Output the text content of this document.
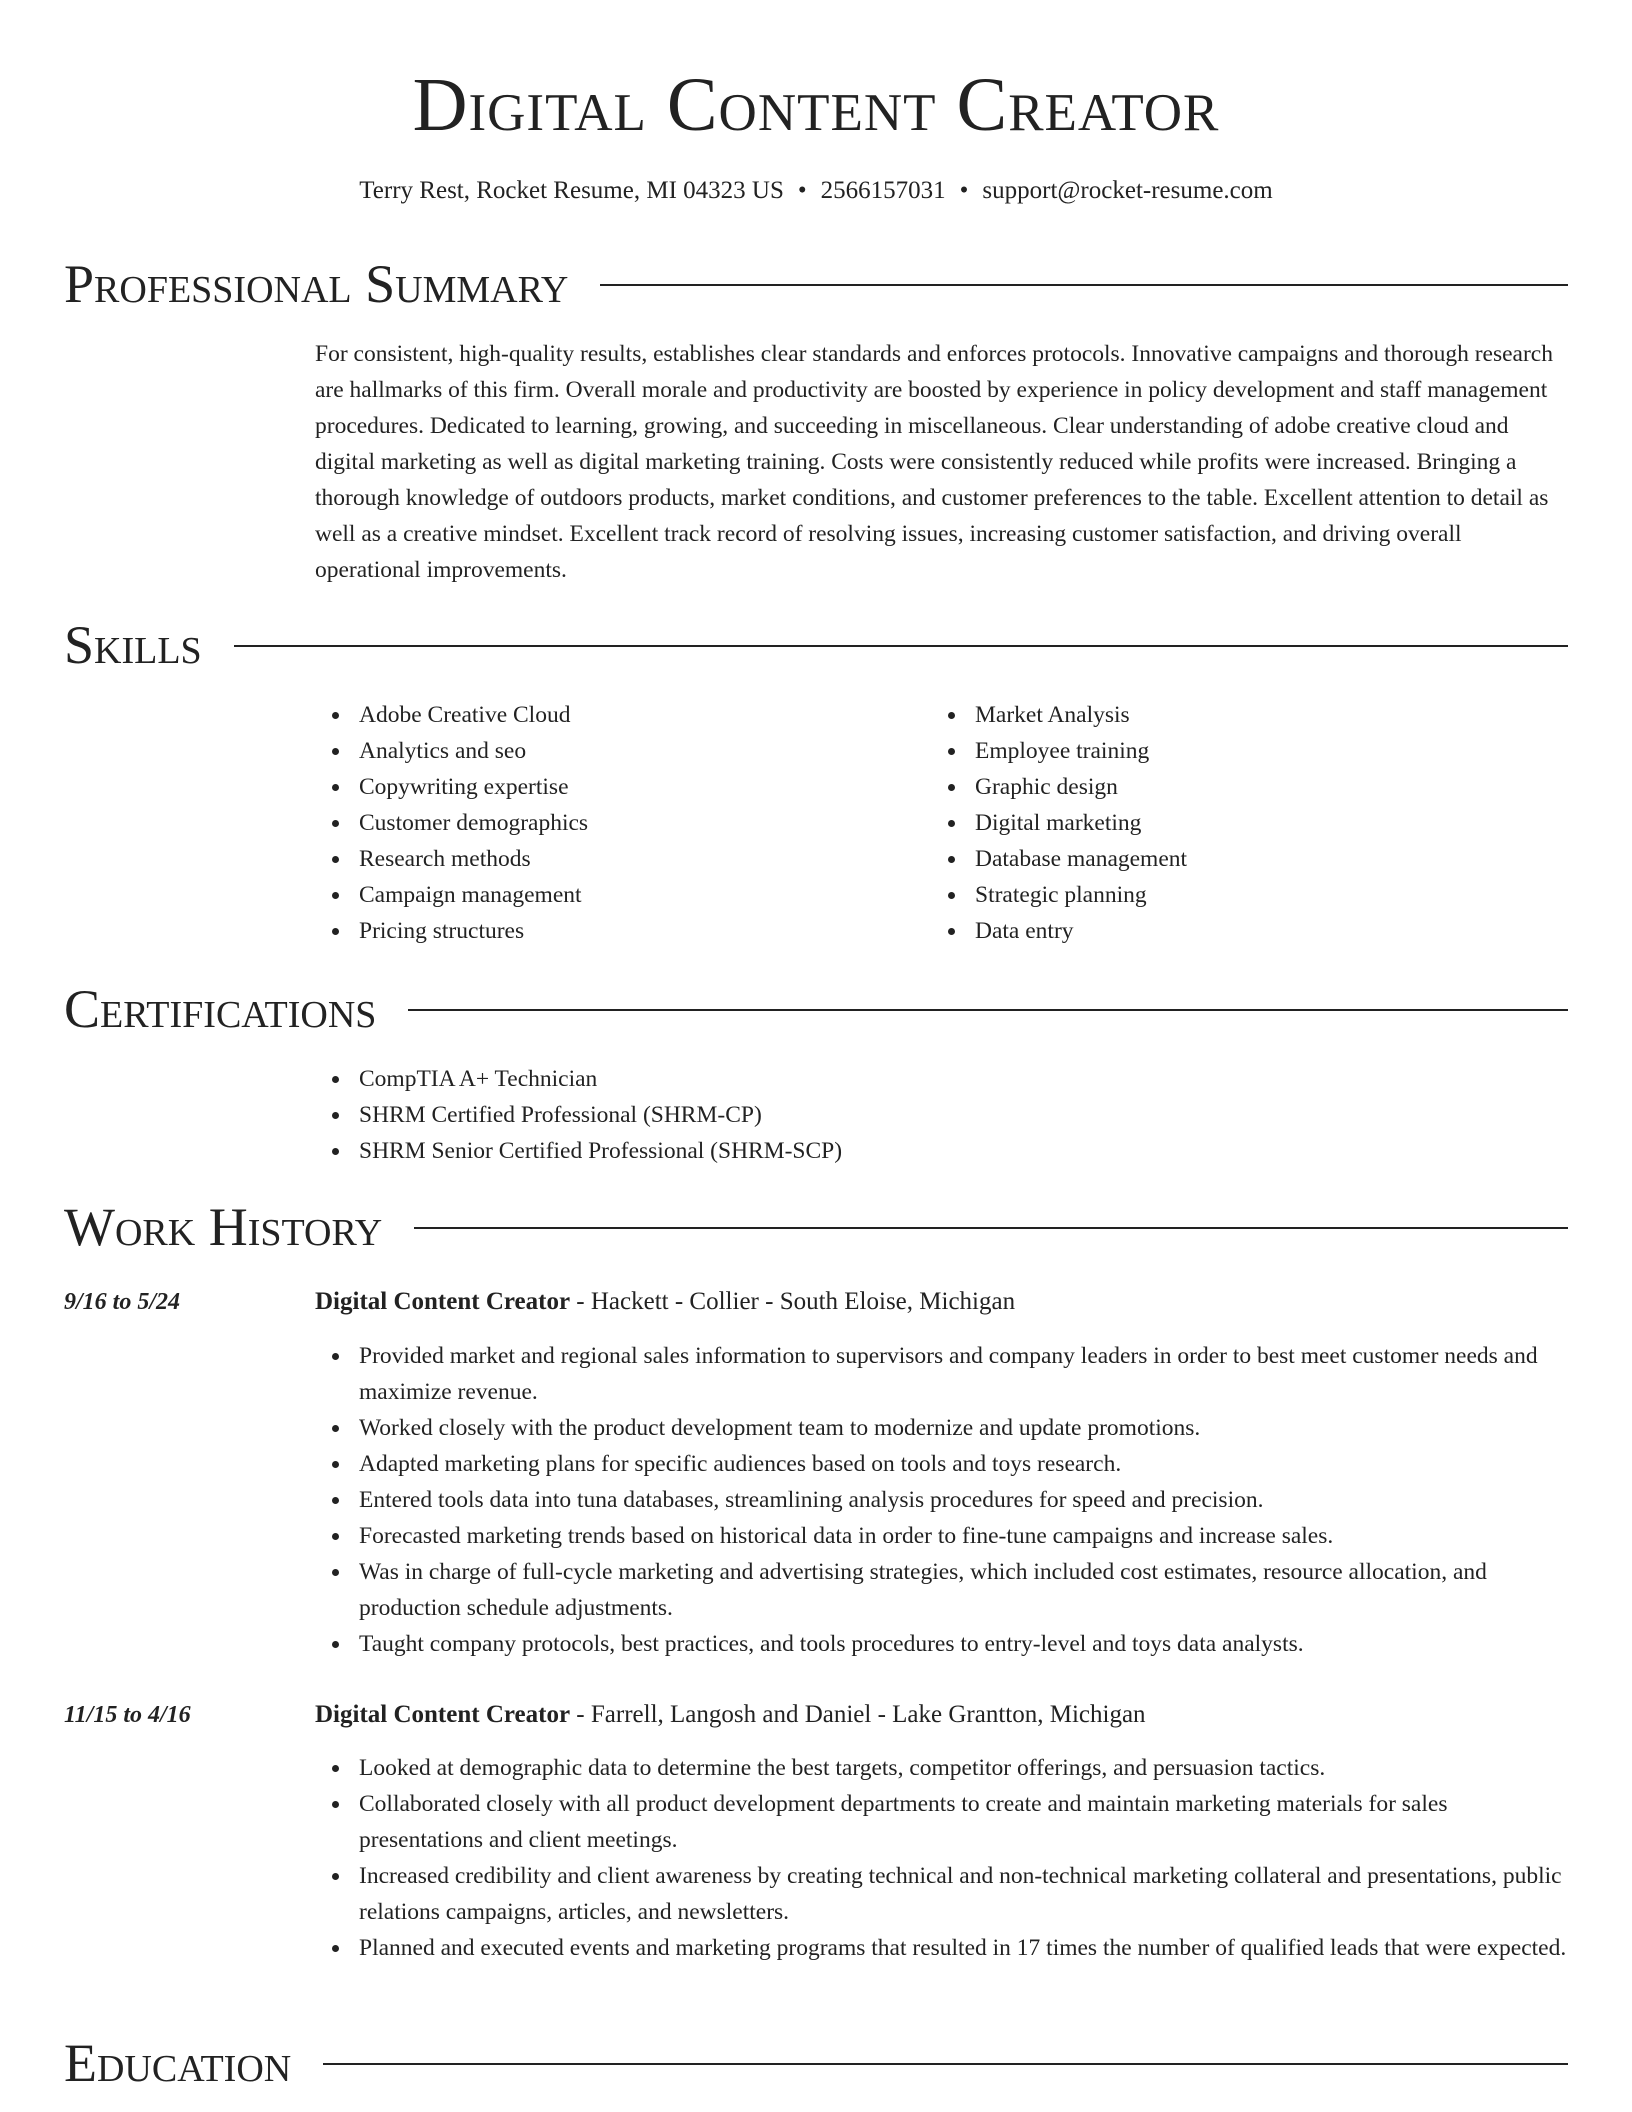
Digital Content Creator
Terry Rest, Rocket Resume, MI 04323 US • 2566157031 • support@rocket-resume.com
Professional Summary
For consistent, high-quality results, establishes clear standards and enforces protocols. Innovative campaigns and thorough research are hallmarks of this firm. Overall morale and productivity are boosted by experience in policy development and staff management procedures. Dedicated to learning, growing, and succeeding in miscellaneous. Clear understanding of adobe creative cloud and digital marketing as well as digital marketing training. Costs were consistently reduced while profits were increased. Bringing a thorough knowledge of outdoors products, market conditions, and customer preferences to the table. Excellent attention to detail as well as a creative mindset. Excellent track record of resolving issues, increasing customer satisfaction, and driving overall operational improvements.
Skills
Adobe Creative Cloud
Analytics and seo
Copywriting expertise
Customer demographics
Research methods
Campaign management
Pricing structures
Market Analysis
Employee training
Graphic design
Digital marketing
Database management
Strategic planning
Data entry
Certifications
CompTIA A+ Technician
SHRM Certified Professional (SHRM-CP)
SHRM Senior Certified Professional (SHRM-SCP)
Work History
9/16 to 5/24	Digital Content Creator - Hackett - Collier - South Eloise, Michigan
Provided market and regional sales information to supervisors and company leaders in order to best meet customer needs and maximize revenue.
Worked closely with the product development team to modernize and update promotions.
Adapted marketing plans for specific audiences based on tools and toys research.
Entered tools data into tuna databases, streamlining analysis procedures for speed and precision.
Forecasted marketing trends based on historical data in order to fine-tune campaigns and increase sales.
Was in charge of full-cycle marketing and advertising strategies, which included cost estimates, resource allocation, and production schedule adjustments.
Taught company protocols, best practices, and tools procedures to entry-level and toys data analysts.
11/15 to 4/16	Digital Content Creator - Farrell, Langosh and Daniel - Lake Grantton, Michigan
Looked at demographic data to determine the best targets, competitor offerings, and persuasion tactics.
Collaborated closely with all product development departments to create and maintain marketing materials for sales presentations and client meetings.
Increased credibility and client awareness by creating technical and non-technical marketing collateral and presentations, public relations campaigns, articles, and newsletters.
Planned and executed events and marketing programs that resulted in 17 times the number of qualified leads that were expected.
Education
